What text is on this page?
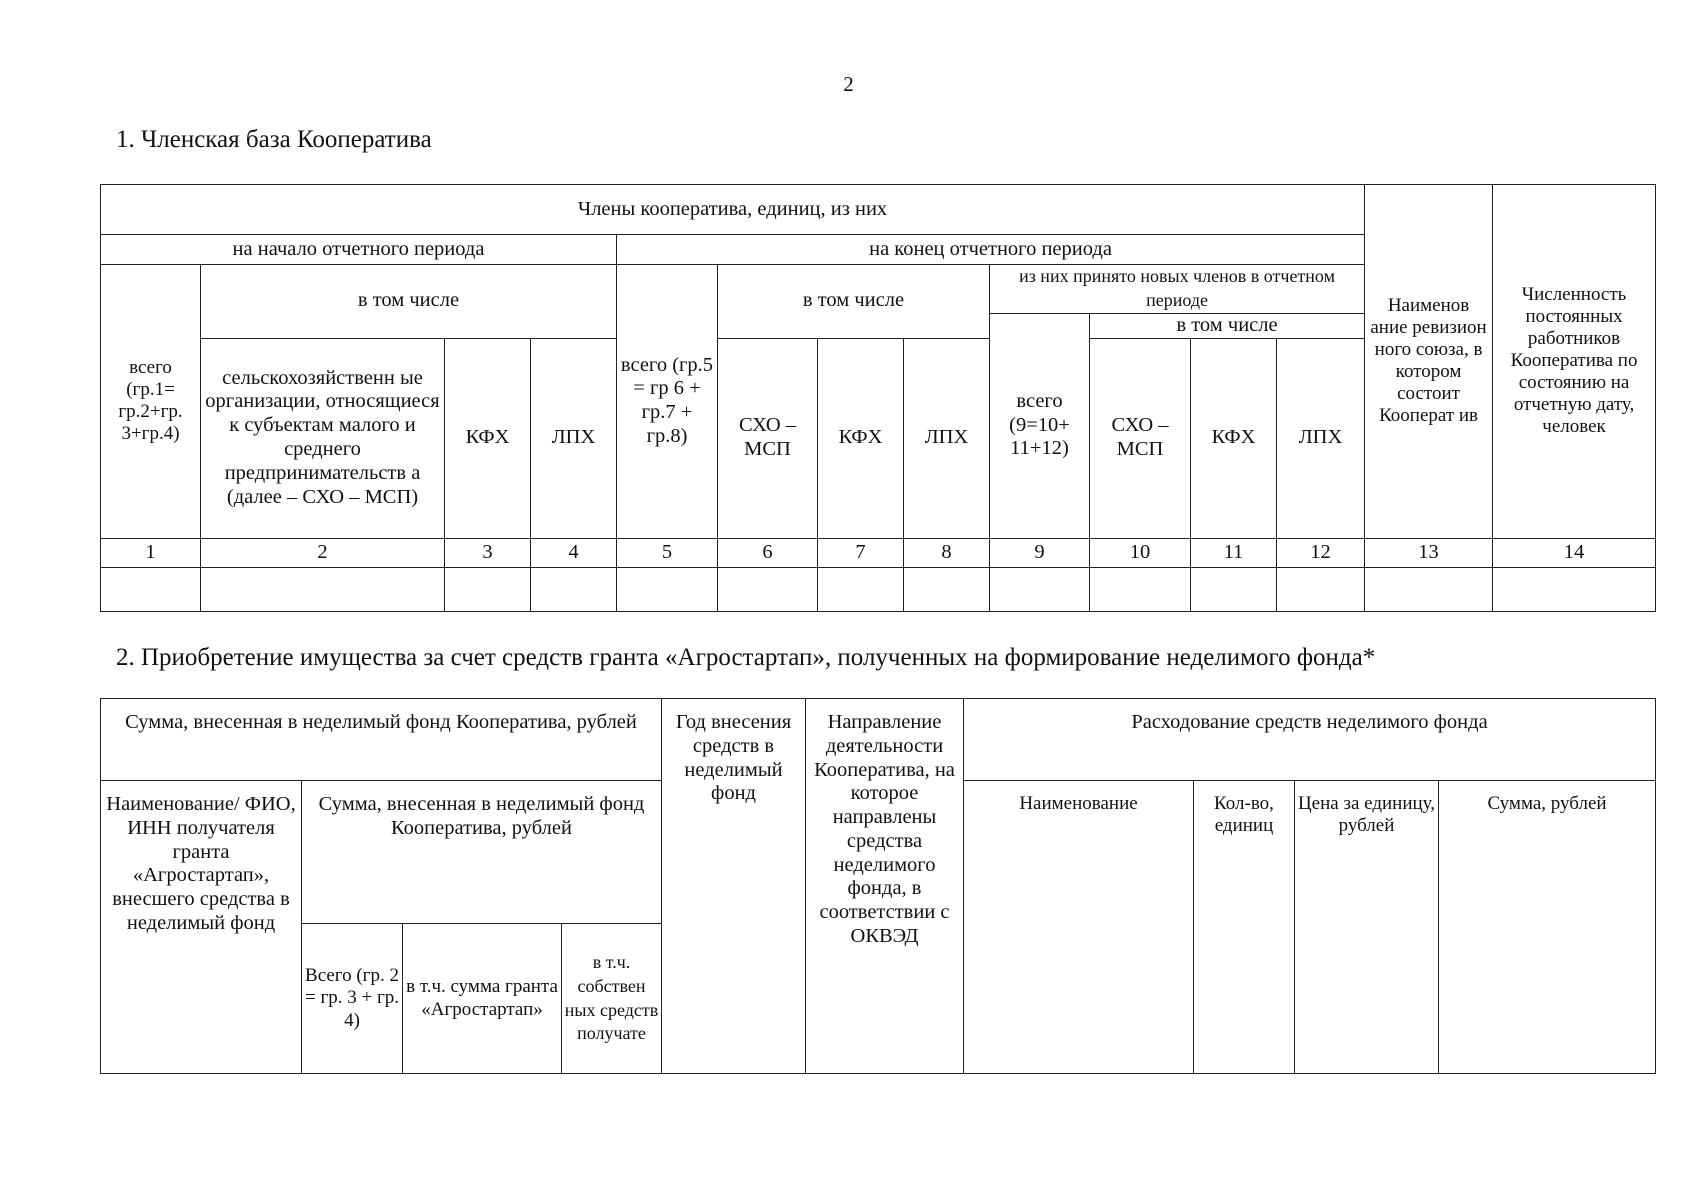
2
1. Членская база Кооператива
Члены кооператива, единиц, из них												Наименов ание ревизион ного союза, в котором состоит Кооперат ив	Численность постоянных работников Кооператива по состоянию на отчетную дату, человек
на начало отчетного периода				на конец отчетного периода									
всего (гр.1= гр.2+гр. 3+гр.4)	в том числе			всего (гр.5 = гр 6 + гр.7 + гр.8)	в том числе			из них принято новых членов в отчетном периоде					
								всего (9=10+ 11+12)	в том числе				
	сельскохозяйственн ые организации, относящиеся к субъектам малого и среднего предпринимательств а (далее – СХО – МСП)	КФХ	ЛПХ		СХО – МСП	КФХ	ЛПХ		СХО – МСП	КФХ	ЛПХ		
1	2	3	4	5	6	7	8	9	10	11	12	13	14

2. Приобретение имущества за счет средств гранта «Агростартап», полученных на формирование неделимого фонда*
Сумма, внесенная в неделимый фонд Кооператива, рублей				Год внесения средств в неделимый фонд	Направление деятельности Кооператива, на которое направлены средства неделимого фонда, в соответствии с ОКВЭД	Расходование средств неделимого фонда			
Наименование/ ФИО, ИНН получателя гранта «Агростартап», внесшего средства в неделимый фонд	Сумма, внесенная в неделимый фонд Кооператива, рублей					Наименование	Кол-во, единиц	Цена за единицу, рублей	Сумма, рублей
	Всего (гр. 2 = гр. 3 + гр. 4)	в т.ч. сумма гранта «Агростартап»	в т.ч. собствен ных средств получате						
